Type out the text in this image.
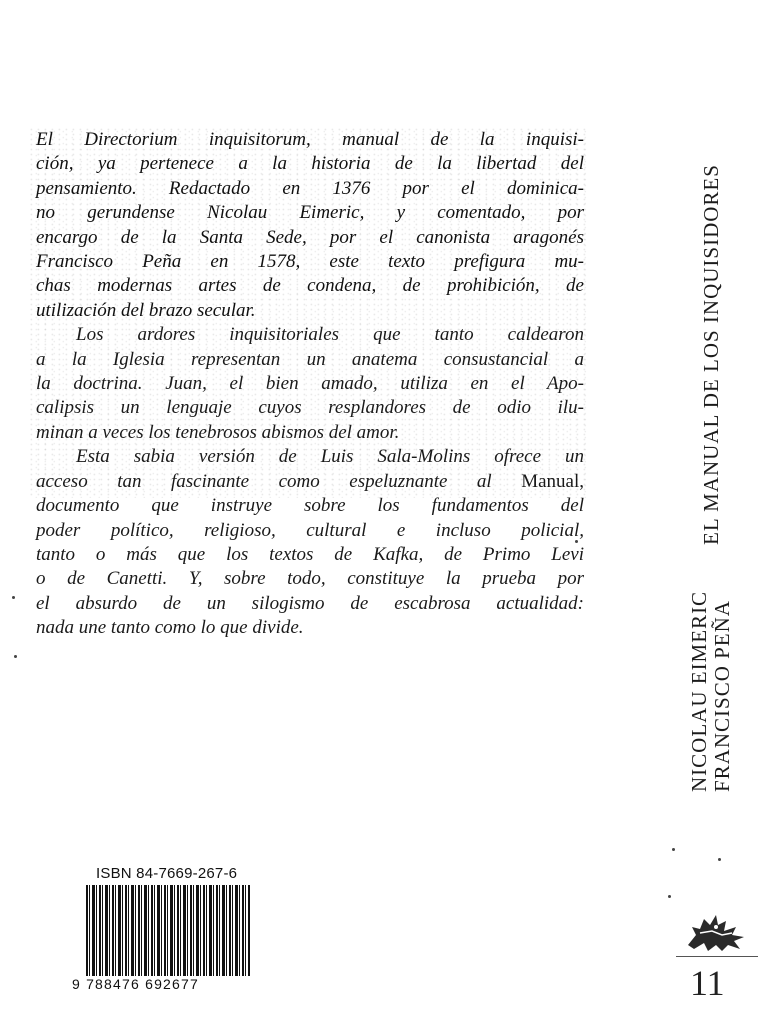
El Directorium inquisitorum, manual de la inquisi-
ción, ya pertenece a la historia de la libertad del
pensamiento. Redactado en 1376 por el dominica-
no gerundense Nicolau Eimeric, y comentado, por
encargo de la Santa Sede, por el canonista aragonés
Francisco Peña en 1578, este texto prefigura mu-
chas modernas artes de condena, de prohibición, de
utilización del brazo secular.

Los ardores inquisitoriales que tanto caldearon
a la Iglesia representan un anatema consustancial a
la doctrina. Juan, el bien amado, utiliza en el Apo-
calipsis un lenguaje cuyos resplandores de odio ilu-
minan a veces los tenebrosos abismos del amor.

Esta sabia versión de Luis Sala-Molins ofrece un
acceso tan fascinante como espeluznante al Manual,
documento que instruye sobre los fundamentos del
poder político, religioso, cultural e incluso policial,
tanto o más que los textos de Kafka, de Primo Levi
o de Canetti. Y, sobre todo, constituye la prueba por
el absurdo de un silogismo de escabrosa actualidad:
nada une tanto como lo que divide.

ISBN 84-7669-267-6
9 788476 692677
EL MANUAL DE LOS INQUISIDORES
NICOLAU EIMERIC FRANCISCO PEÑA
11
